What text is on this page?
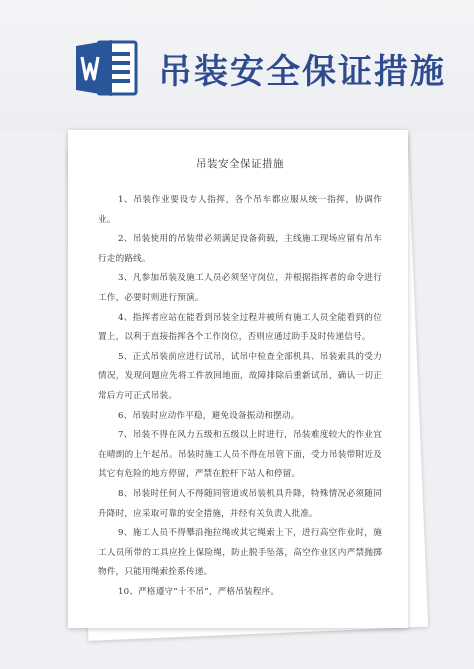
吊装安全保证措施
吊装安全保证措施

1、吊装作业要设专人指挥，各个吊车都应服从统一指挥，协调作业。

2、吊装使用的吊装带必须满足设备荷载，主线施工现场应留有吊车行走的路线。

3、凡参加吊装及施工人员必须坚守岗位，并根据指挥者的命令进行工作，必要时则进行预演。

4、指挥者应站在能看到吊装全过程并被所有施工人员全能看到的位置上，以利于直接指挥各个工作岗位，否则应通过助手及时传递信号。

5、正式吊装前应进行试吊，试吊中检查全部机具、吊装索具的受力情况，发现问题应先将工件放回地面，故障排除后重新试吊，确认一切正常后方可正式吊装。

6、吊装时应动作平稳，避免设备振动和摆动。

7、吊装不得在风力五级和五级以上时进行，吊装难度较大的作业宜在晴朗的上午起吊。吊装时施工人员不得在吊管下面，受力吊装带附近及其它有危险的地方停留，严禁在腔杆下站人和停留。

8、吊装时任何人不得随同管道或吊装机具升降，特殊情况必须随同升降时，应采取可靠的安全措施，并经有关负责人批准。

9、施工人员不得攀沿拖拉绳或其它绳索上下，进行高空作业时，施工人员所带的工具应拴上保险绳，防止脱手坠落，高空作业区内严禁抛掷物件，只能用绳索拴系传递。

10、严格遵守“十不吊”，严格吊装程序。
